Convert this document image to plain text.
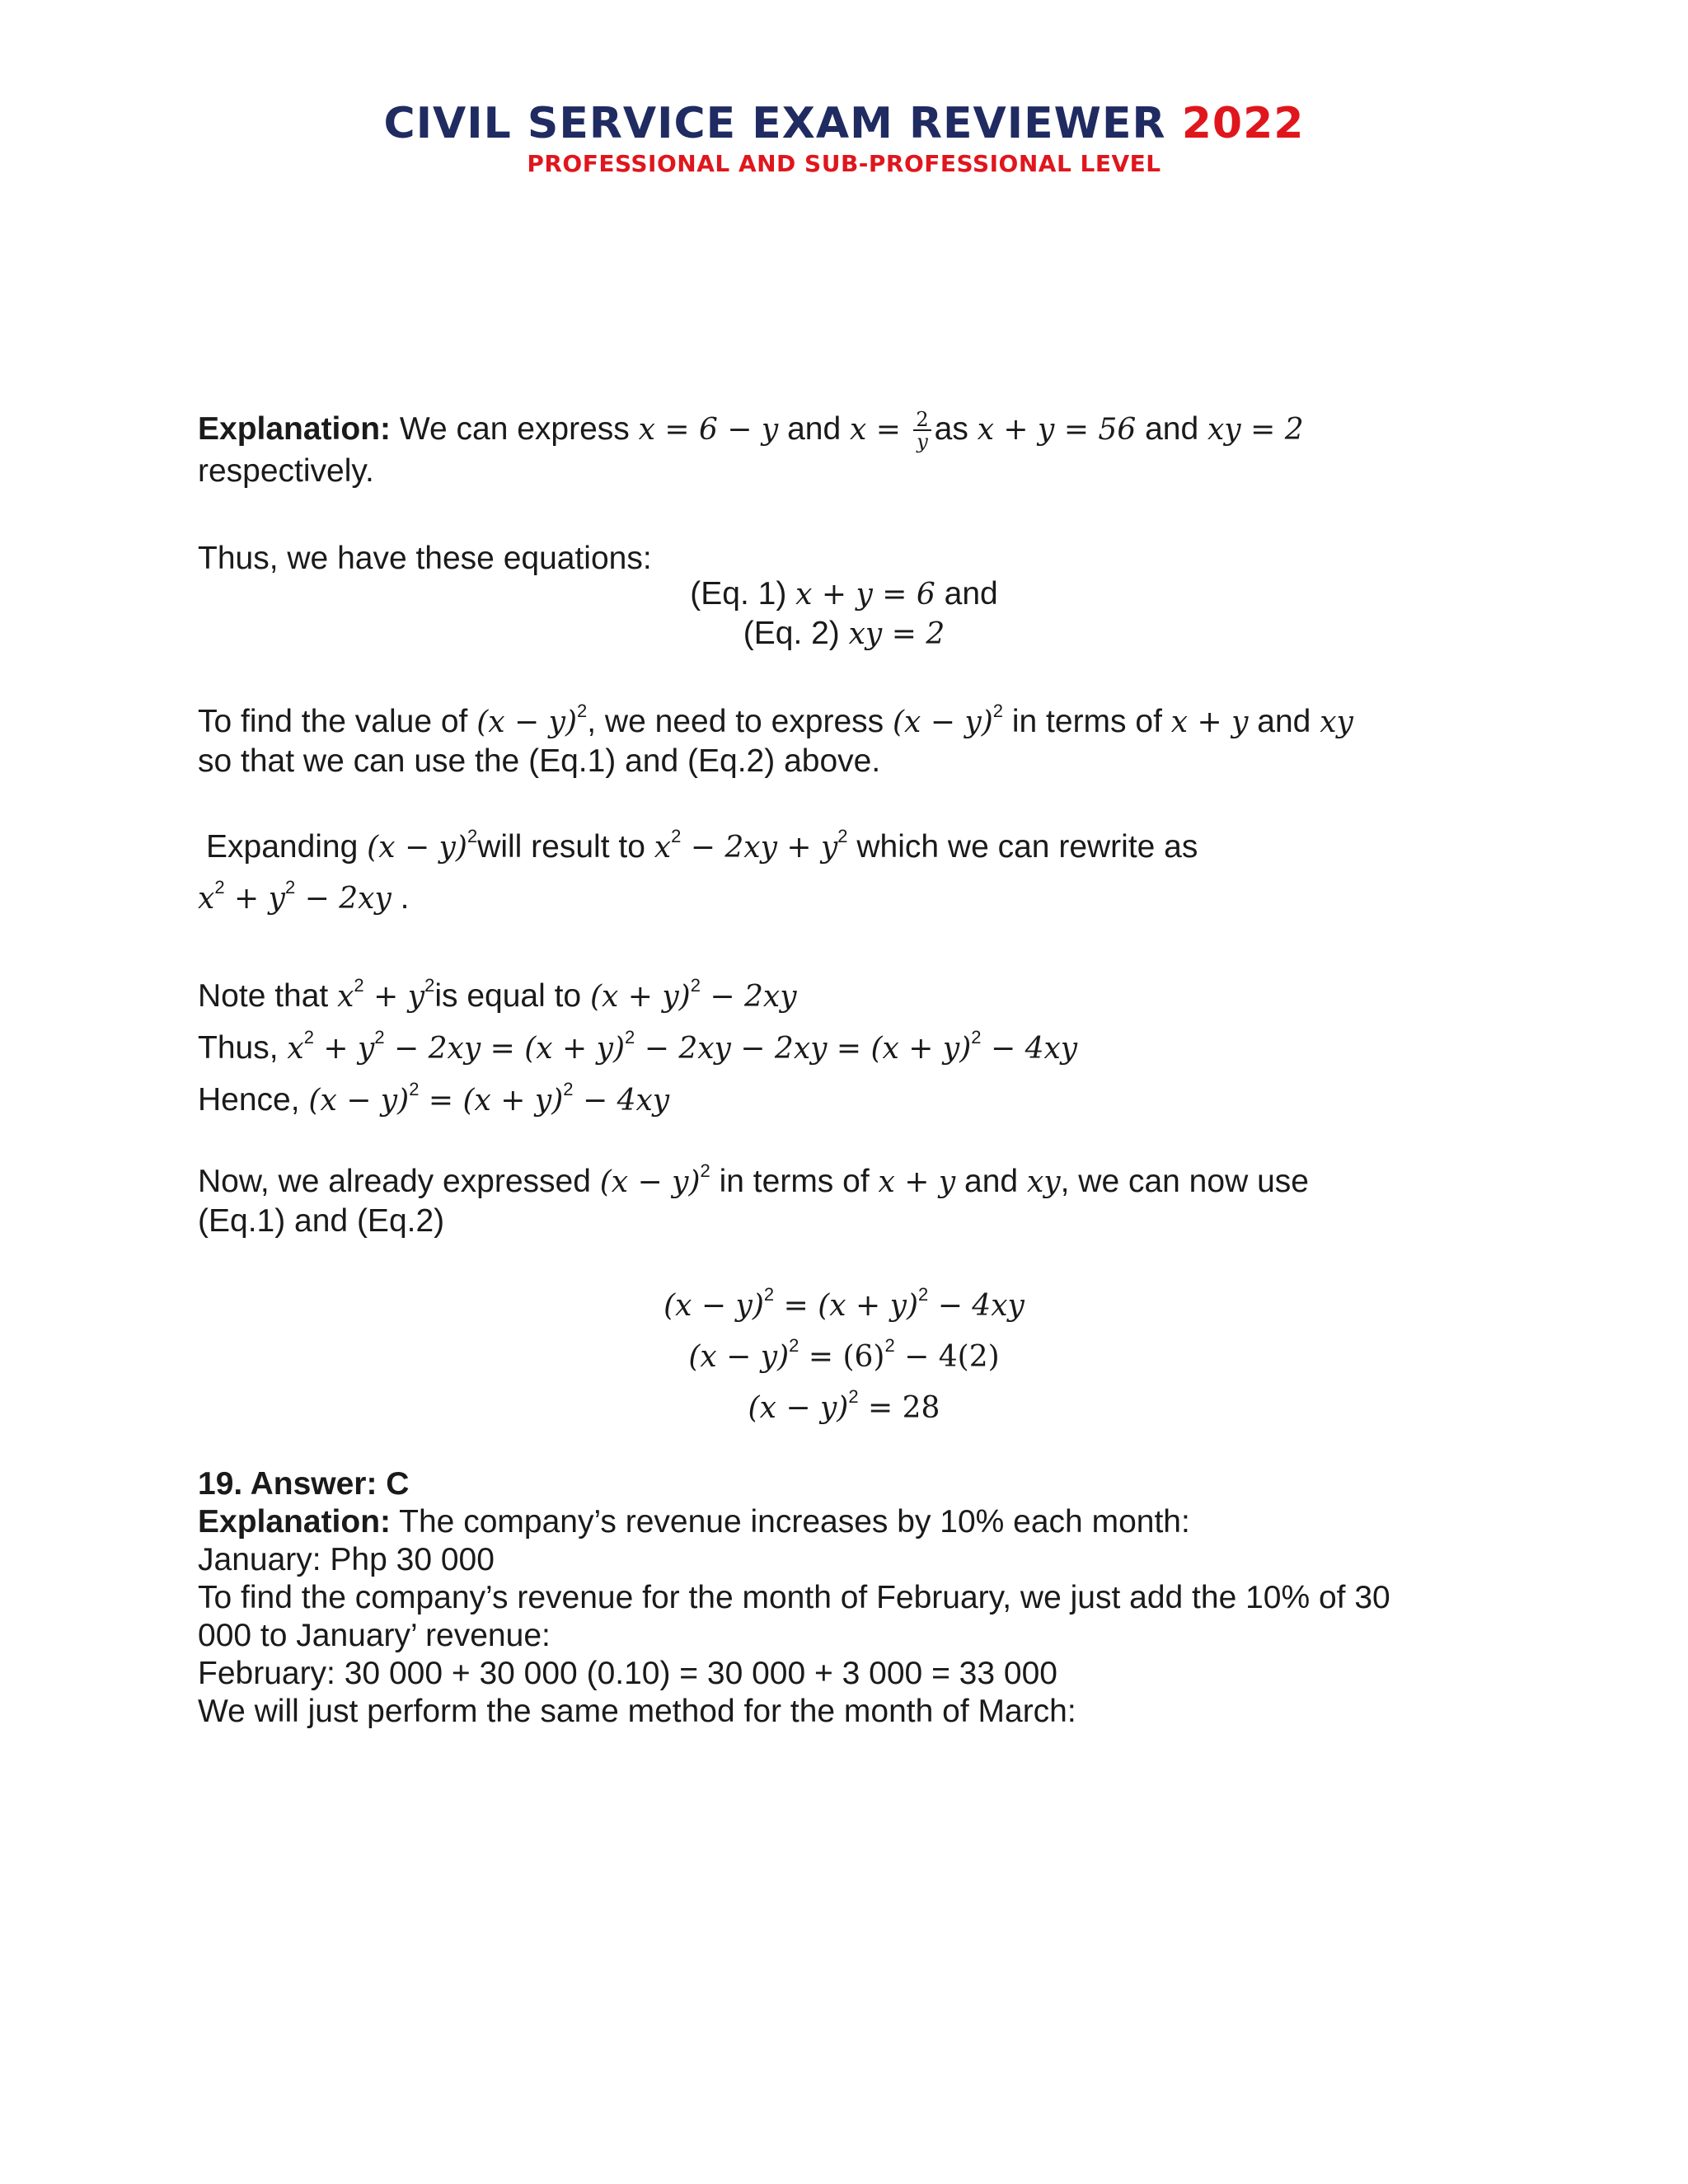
CIVIL SERVICE EXAM REVIEWER 2022
PROFESSIONAL AND SUB-PROFESSIONAL LEVEL
Explanation: We can express x = 6 − y and $x = \frac{2}{y}$ as x + y = 56 and xy = 2
respectively.
Thus, we have these equations:
(Eq. 1) x + y = 6 and
(Eq. 2) xy = 2
To find the value of $(x - y)^2$, we need to express $(x - y)^2$ in terms of x + y and xy
so that we can use the (Eq.1) and (Eq.2) above.
Expanding $(x - y)^2will$ result to $x^2 - 2xy + y^2$ which we can rewrite as
$x^2 + y^2 - 2xy$ .
Note that $x^2 + y^2is$ equal to $(x + y)^2 - 2xy$
Thus, $x^2 + y^2 - 2xy = (x + y)^2 - 2xy - 2xy = (x + y)^2 - 4xy$
Hence, $(x - y)^2 = (x + y)^2 - 4xy$
Now, we already expressed $(x - y)^2$ in terms of x + y and xy, we can now use
(Eq.1) and (Eq.2)
$(x - y)^2 = (x + y)^2 - 4xy$
$(x - y)^2 = (6)^2 - 4(2)$
$(x - y)^2 = 28$
19. Answer: C
Explanation: The company’s revenue increases by 10% each month:
January: Php 30 000
To find the company’s revenue for the month of February, we just add the 10% of 30
000 to January’ revenue:
February: 30 000 + 30 000 (0.10) = 30 000 + 3 000 = 33 000
We will just perform the same method for the month of March:
